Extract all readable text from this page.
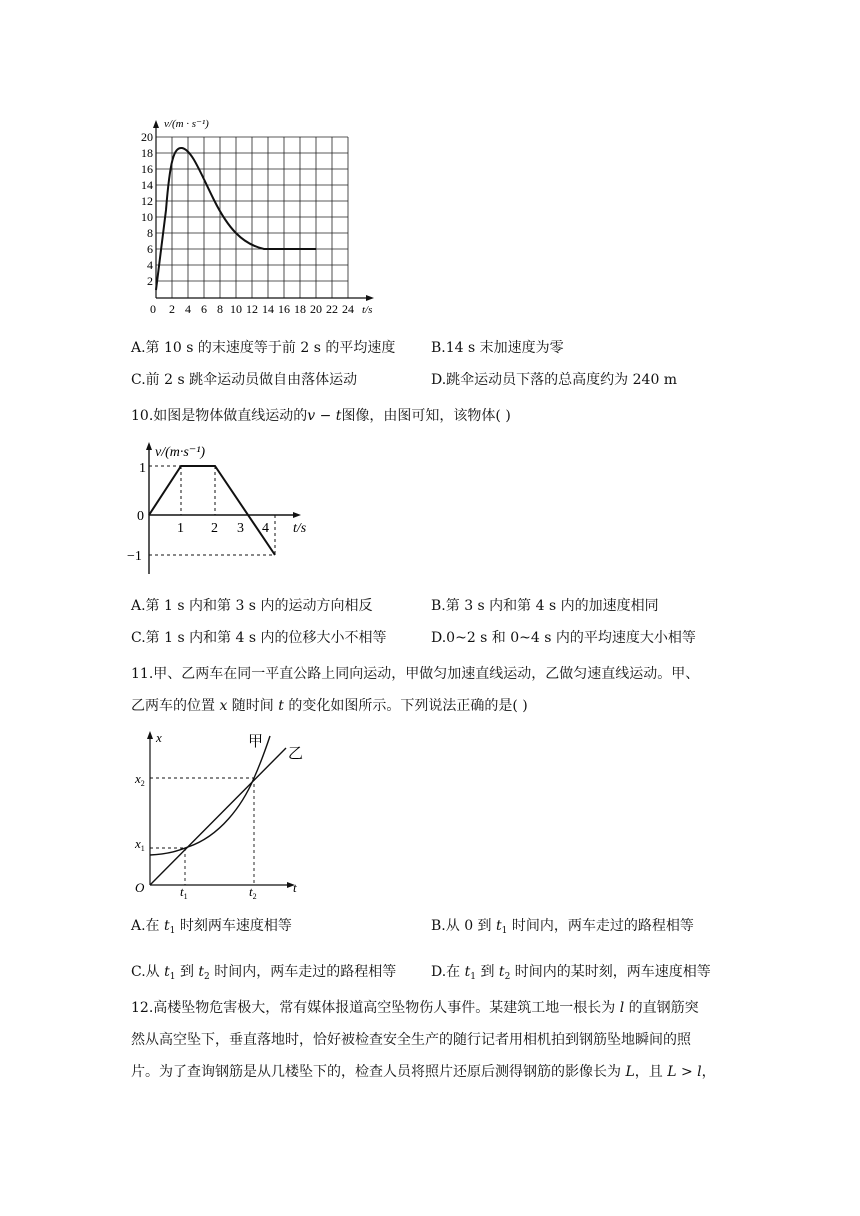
v/(m · s⁻¹)
20
18
16
14
12
10
8
6
4
2
0 2 4 6 8 10 12 14 16 18 20 22 24 t/s
A.第 10 s 的末速度等于前 2 s 的平均速度	B.14 s 末加速度为零
C.前 2 s 跳伞运动员做自由落体运动	D.跳伞运动员下落的总高度约为 240 m
10.如图是物体做直线运动的v − t图像，由图可知，该物体( )
v/(m·s⁻¹)
1
0
−1
1 2 3 4 t/s
A.第 1 s 内和第 3 s 内的运动方向相反	B.第 3 s 内和第 4 s 内的加速度相同
C.第 1 s 内和第 4 s 内的位移大小不相等	D.0~2 s 和 0~4 s 内的平均速度大小相等
11.甲、乙两车在同一平直公路上同向运动，甲做匀加速直线运动，乙做匀速直线运动。甲、
乙两车的位置 x 随时间 t 的变化如图所示。下列说法正确的是( )
x	甲
乙
$x_2$
$x_1$
O	$t_1$	$t_2$
t
A.在 $t_1$ 时刻两车速度相等	B.从 0 到 $t_1$ 时间内，两车走过的路程相等
C.从 $t_1$ 到 $t_2$ 时间内，两车走过的路程相等 D.在 $t_1$ 到 $t_2$ 时间内的某时刻，两车速度相等
12.高楼坠物危害极大，常有媒体报道高空坠物伤人事件。某建筑工地一根长为 l 的直钢筋突
然从高空坠下，垂直落地时，恰好被检查安全生产的随行记者用相机拍到钢筋坠地瞬间的照
片。为了查询钢筋是从几楼坠下的，检查人员将照片还原后测得钢筋的影像长为 L，且 L > l，
